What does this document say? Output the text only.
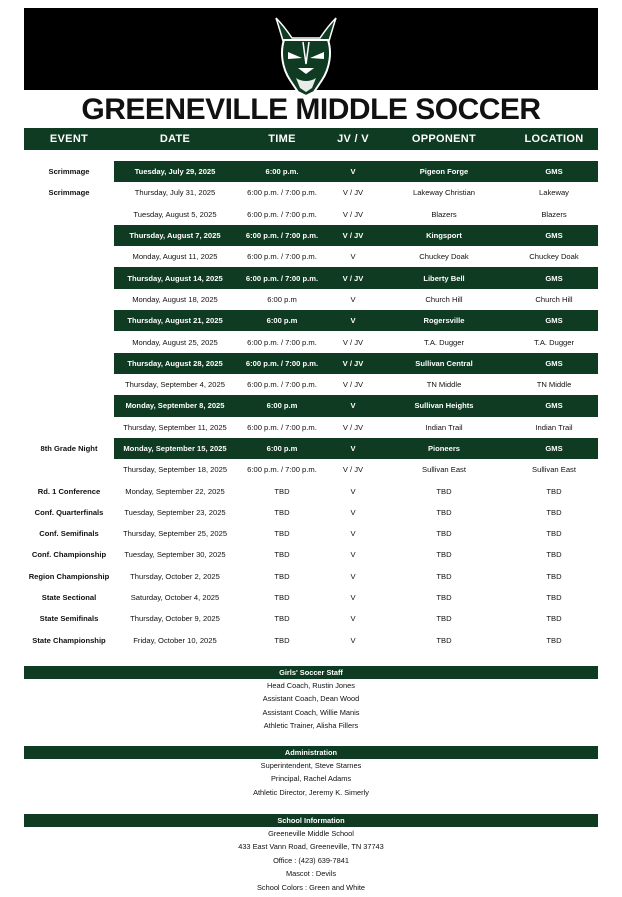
GREENEVILLE MIDDLE SOCCER
EVENT	DATE	TIME	JV / V	OPPONENT	LOCATION

Scrimmage	Tuesday, July 29, 2025	6:00 p.m.	V	Pigeon Forge	GMS
Scrimmage	Thursday, July 31, 2025	6:00 p.m. / 7:00 p.m.	V / JV	Lakeway Christian	Lakeway
	Tuesday, August 5, 2025	6:00 p.m. / 7:00 p.m.	V / JV	Blazers	Blazers
	Thursday, August 7, 2025	6:00 p.m. / 7:00 p.m.	V / JV	Kingsport	GMS
	Monday, August 11, 2025	6:00 p.m. / 7:00 p.m.	V	Chuckey Doak	Chuckey Doak
	Thursday, August 14, 2025	6:00 p.m. / 7:00 p.m.	V / JV	Liberty Bell	GMS
	Monday, August 18, 2025	6:00 p.m	V	Church Hill	Church Hill
	Thursday, August 21, 2025	6:00 p.m	V	Rogersville	GMS
	Monday, August 25, 2025	6:00 p.m. / 7:00 p.m.	V / JV	T.A. Dugger	T.A. Dugger
	Thursday, August 28, 2025	6:00 p.m. / 7:00 p.m.	V / JV	Sullivan Central	GMS
	Thursday, September 4, 2025	6:00 p.m. / 7:00 p.m.	V / JV	TN Middle	TN Middle
	Monday, September 8, 2025	6:00 p.m	V	Sullivan Heights	GMS
	Thursday, September 11, 2025	6:00 p.m. / 7:00 p.m.	V / JV	Indian Trail	Indian Trail
8th Grade Night	Monday, September 15, 2025	6:00 p.m	V	Pioneers	GMS
	Thursday, September 18, 2025	6:00 p.m. / 7:00 p.m.	V / JV	Sullivan East	Sullivan East
Rd. 1 Conference	Monday, September 22, 2025	TBD	V	TBD	TBD
Conf. Quarterfinals	Tuesday, September 23, 2025	TBD	V	TBD	TBD
Conf. Semifinals	Thursday, September 25, 2025	TBD	V	TBD	TBD
Conf. Championship	Tuesday, September 30, 2025	TBD	V	TBD	TBD
Region Championship	Thursday, October 2, 2025	TBD	V	TBD	TBD
State Sectional	Saturday, October 4, 2025	TBD	V	TBD	TBD
State Semifinals	Thursday, October 9, 2025	TBD	V	TBD	TBD
State Championship	Friday, October 10, 2025	TBD	V	TBD	TBD
Girls' Soccer Staff
Head Coach, Rustin Jones
Assistant Coach, Dean Wood
Assistant Coach, Willie Manis
Athletic Trainer, Alisha Fillers
Administration
Superintendent, Steve Starnes
Principal, Rachel Adams
Athletic Director, Jeremy K. Simerly
School Information
Greeneville Middle School
433 East Vann Road, Greeneville, TN 37743
Office : (423) 639-7841
Mascot : Devils
School Colors : Green and White
